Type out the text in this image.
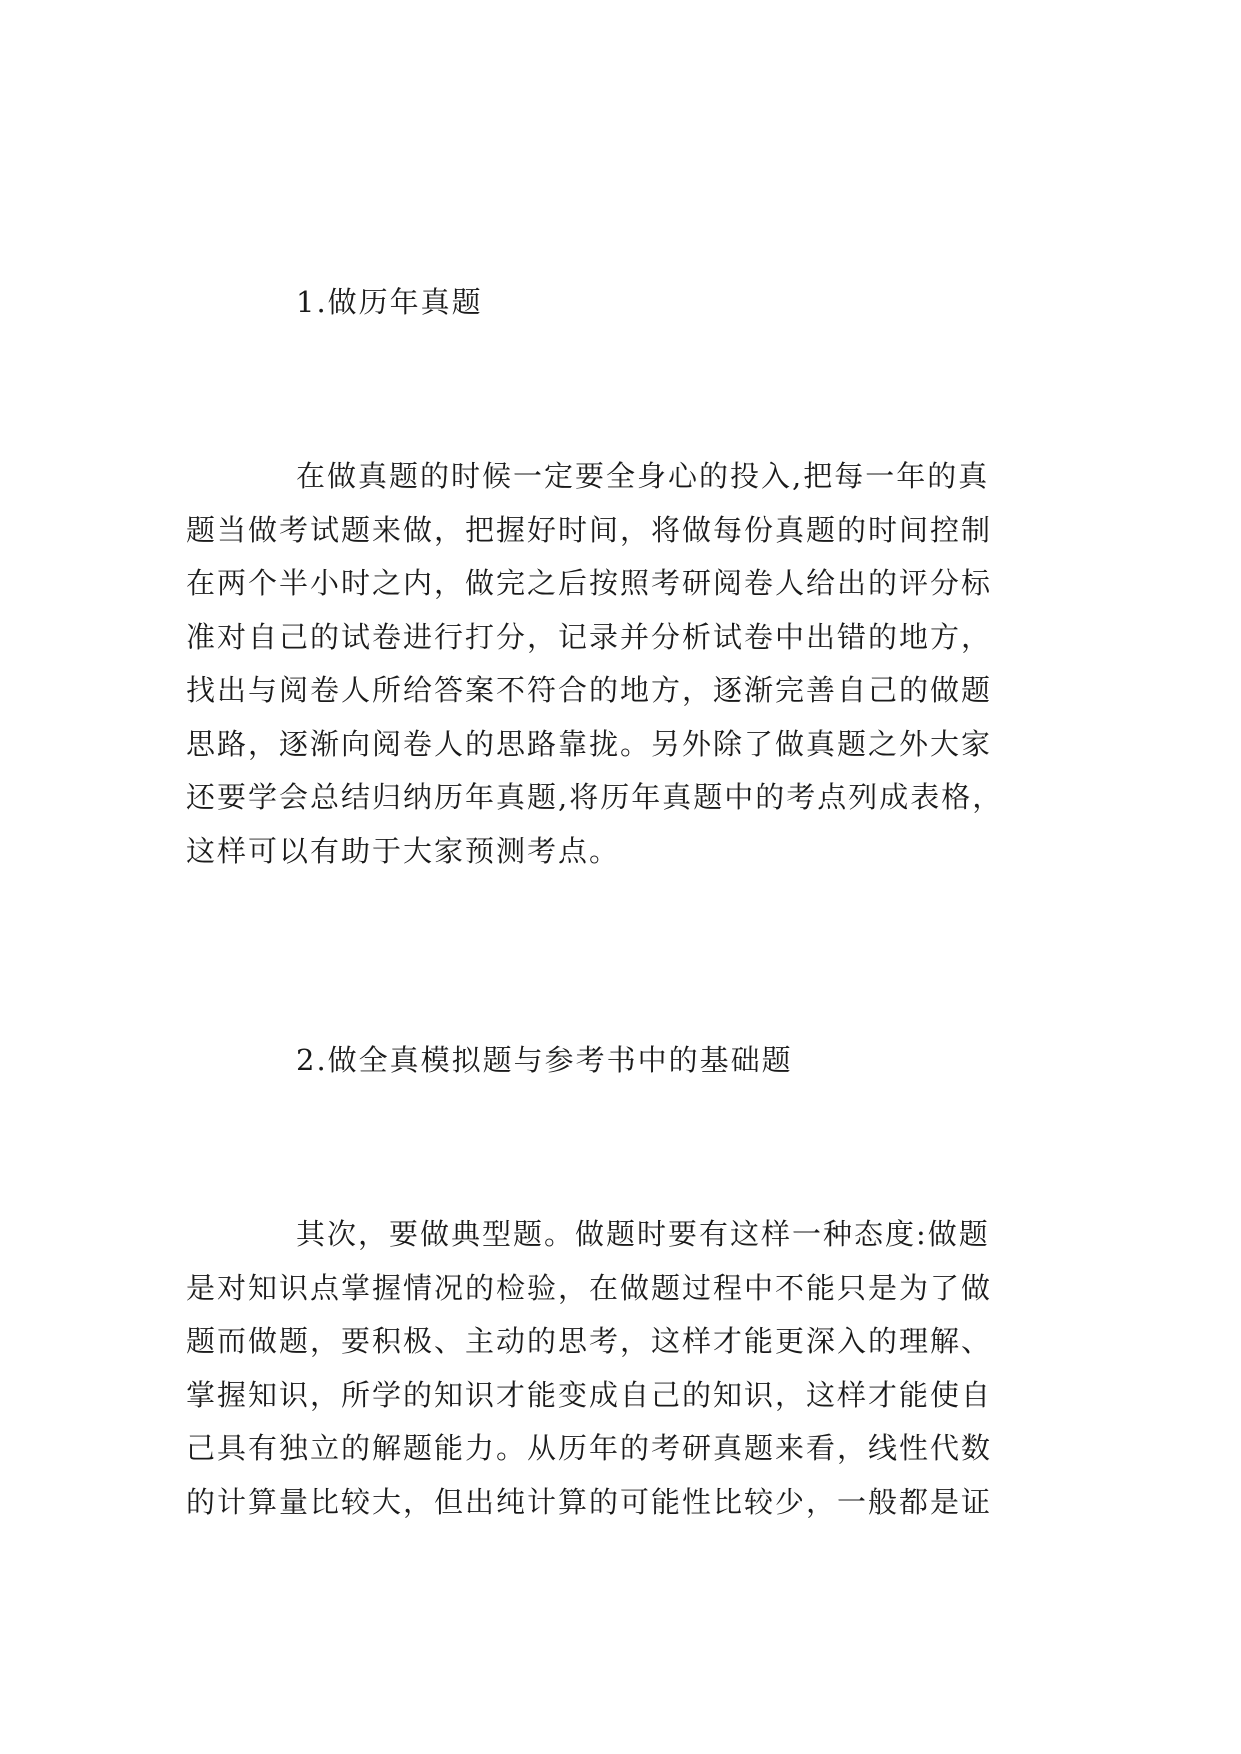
1.做历年真题

在做真题的时候一定要全身心的投入,把每一年的真
题当做考试题来做，把握好时间，将做每份真题的时间控制
在两个半小时之内，做完之后按照考研阅卷人给出的评分标
准对自己的试卷进行打分，记录并分析试卷中出错的地方，
找出与阅卷人所给答案不符合的地方，逐渐完善自己的做题
思路，逐渐向阅卷人的思路靠拢。另外除了做真题之外大家
还要学会总结归纳历年真题,将历年真题中的考点列成表格，
这样可以有助于大家预测考点。

2.做全真模拟题与参考书中的基础题

其次，要做典型题。做题时要有这样一种态度:做题
是对知识点掌握情况的检验，在做题过程中不能只是为了做
题而做题，要积极、主动的思考，这样才能更深入的理解、
掌握知识，所学的知识才能变成自己的知识，这样才能使自
己具有独立的解题能力。从历年的考研真题来看，线性代数
的计算量比较大，但出纯计算的可能性比较少，一般都是证
